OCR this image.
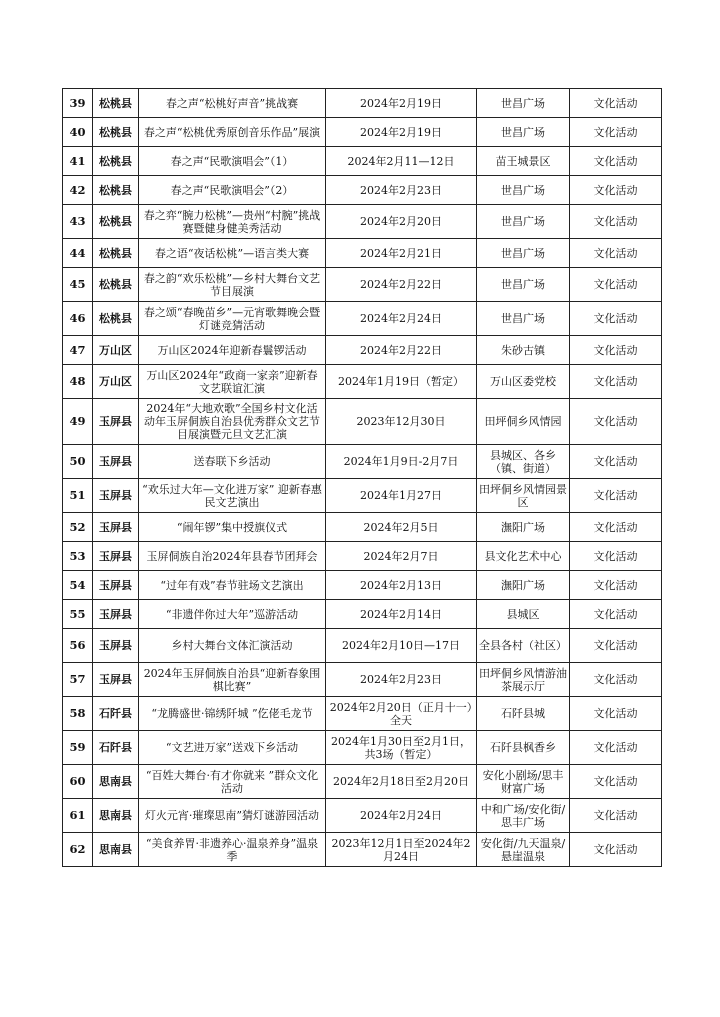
39	松桃县	春之声“松桃好声音”挑战赛	2024年2月19日	世昌广场	文化活动
40	松桃县	春之声“松桃优秀原创音乐作品”展演	2024年2月19日	世昌广场	文化活动
41	松桃县	春之声“民歌演唱会”（1）	2024年2月11—12日	苗王城景区	文化活动
42	松桃县	春之声“民歌演唱会”（2）	2024年2月23日	世昌广场	文化活动
43	松桃县	春之弈“腕力松桃”—贵州“村腕”挑战赛暨健身健美秀活动	2024年2月20日	世昌广场	文化活动
44	松桃县	春之语“夜话松桃”—语言类大赛	2024年2月21日	世昌广场	文化活动
45	松桃县	春之韵“欢乐松桃”—乡村大舞台文艺节目展演	2024年2月22日	世昌广场	文化活动
46	松桃县	春之颂“春晚苗乡”—元宵歌舞晚会暨灯谜竞猜活动	2024年2月24日	世昌广场	文化活动
47	万山区	万山区2024年迎新春鬟锣活动	2024年2月22日	朱砂古镇	文化活动
48	万山区	万山区2024年“政商一家亲”迎新春文艺联谊汇演	2024年1月19日（暂定）	万山区委党校	文化活动
49	玉屏县	2024年“大地欢歌”全国乡村文化活动年玉屏侗族自治县优秀群众文艺节目展演暨元旦文艺汇演	2023年12月30日	田坪侗乡风情园	文化活动
50	玉屏县	送春联下乡活动	2024年1月9日-2月7日	县城区、各乡（镇、街道）	文化活动
51	玉屏县	“欢乐过大年—文化进万家” 迎新春惠民文艺演出	2024年1月27日	田坪侗乡风情园景区	文化活动
52	玉屏县	“闹年锣”集中授旗仪式	2024年2月5日	潕阳广场	文化活动
53	玉屏县	玉屏侗族自治2024年县春节团拜会	2024年2月7日	县文化艺术中心	文化活动
54	玉屏县	“过年有戏”春节驻场文艺演出	2024年2月13日	潕阳广场	文化活动
55	玉屏县	“非遗伴你过大年”巡游活动	2024年2月14日	县城区	文化活动
56	玉屏县	乡村大舞台文体汇演活动	2024年2月10日—17日	全县各村（社区）	文化活动
57	玉屏县	2024年玉屏侗族自治县“迎新春象围棋比赛”	2024年2月23日	田坪侗乡风情游油茶展示厅	文化活动
58	石阡县	“龙腾盛世·锦绣阡城 ”仡佬毛龙节	2024年2月20日（正月十一）全天	石阡县城	文化活动
59	石阡县	“文艺进万家”送戏下乡活动	2024年1月30日至2月1日，共3场（暂定）	石阡县枫香乡	文化活动
60	思南县	“百姓大舞台·有才你就来 ”群众文化活动	2024年2月18日至2月20日	安化小剧场/思丰财富广场	文化活动
61	思南县	灯火元宵·璀璨思南”猜灯谜游园活动	2024年2月24日	中和广场/安化街/思丰广场	文化活动
62	思南县	“美食养胃·非遗养心·温泉养身”温泉季	2023年12月1日至2024年2月24日	安化街/九天温泉/悬崖温泉	文化活动
